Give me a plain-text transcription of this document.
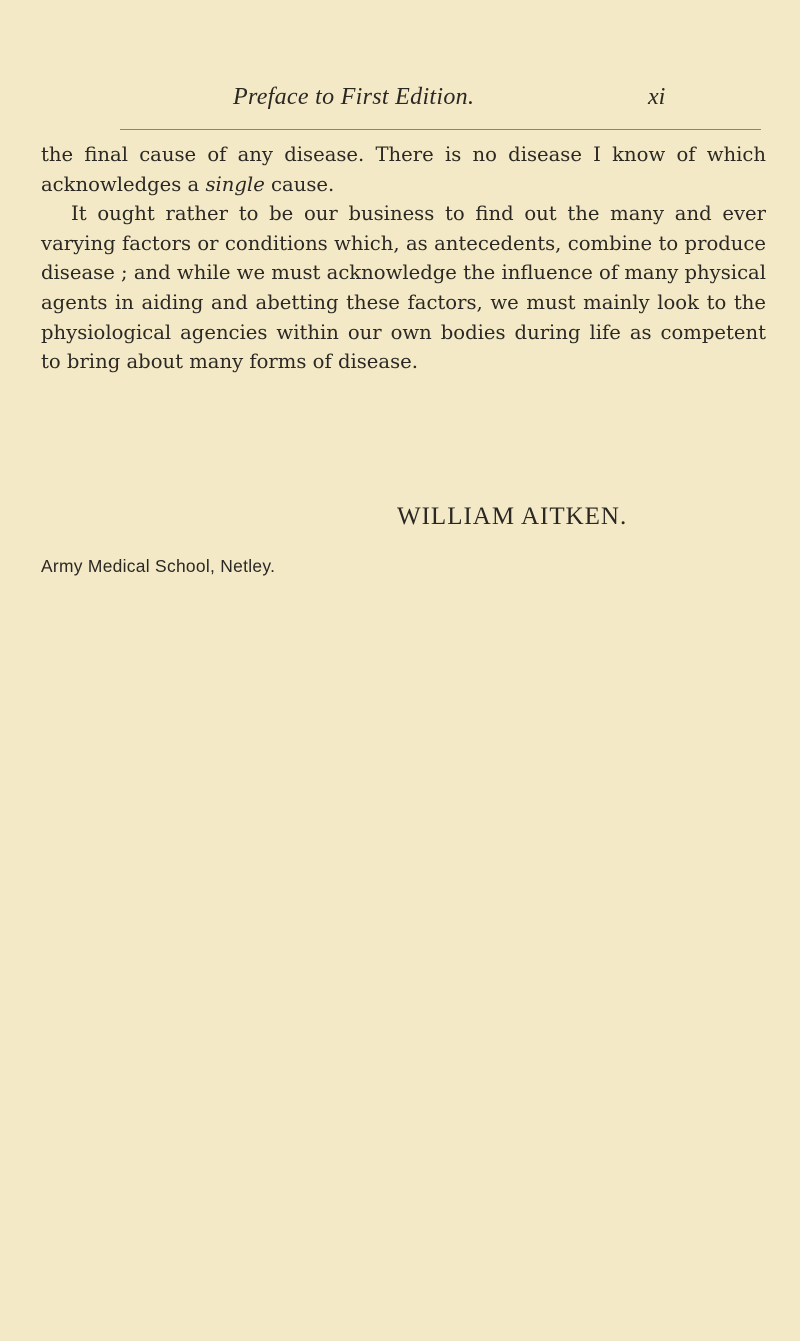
Preface to First Edition.	xi

the final cause of any disease. There is no disease I know of which acknowledges a single cause.

It ought rather to be our business to find out the many and ever varying factors or conditions which, as antecedents, combine to produce disease ; and while we must acknowledge the influence of many physical agents in aiding and abetting these factors, we must mainly look to the physiological agencies within our own bodies during life as competent to bring about many forms of disease.

WILLIAM AITKEN.
Army Medical School, Netley.
